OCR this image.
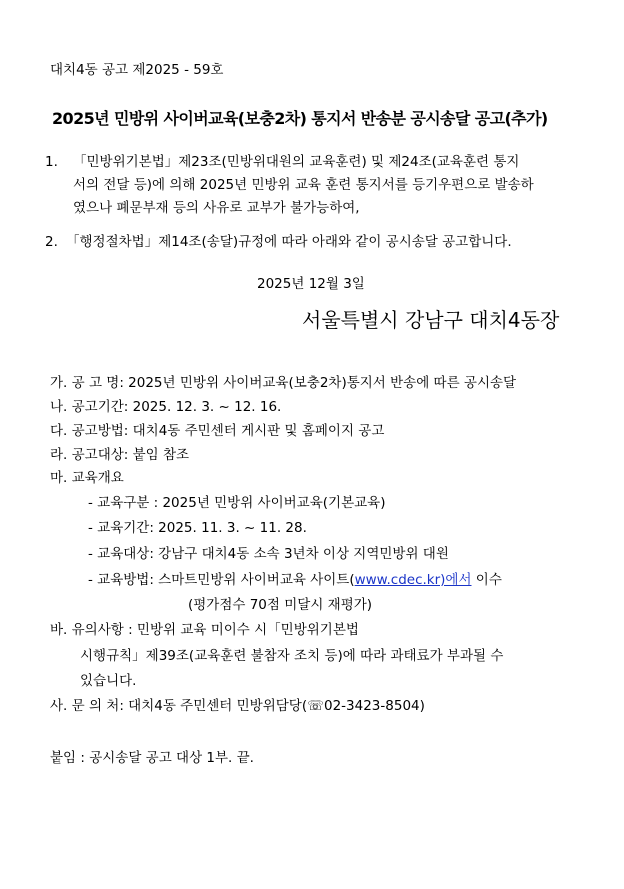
대치4동 공고 제2025 - 59호
2025년 민방위 사이버교육(보충2차) 통지서 반송분 공시송달 공고(추가)
1. 「민방위기본법」제23조(민방위대원의 교육훈련) 및 제24조(교육훈련 통지
서의 전달 등)에 의해 2025년 민방위 교육 훈련 통지서를 등기우편으로 발송하
였으나 폐문부재 등의 사유로 교부가 불가능하여,
2. 「행정절차법」제14조(송달)규정에 따라 아래와 같이 공시송달 공고합니다.
2025년 12월 3일
서울특별시 강남구 대치4동장
가. 공 고 명: 2025년 민방위 사이버교육(보충2차)통지서 반송에 따른 공시송달
나. 공고기간: 2025. 12. 3. ~ 12. 16.
다. 공고방법: 대치4동 주민센터 게시판 및 홈페이지 공고
라. 공고대상: 붙임 참조
마. 교육개요
- 교육구분 : 2025년 민방위 사이버교육(기본교육)
- 교육기간: 2025. 11. 3. ~ 11. 28.
- 교육대상: 강남구 대치4동 소속 3년차 이상 지역민방위 대원
- 교육방법: 스마트민방위 사이버교육 사이트(www.cdec.kr)에서 이수
(평가점수 70점 미달시 재평가)
바. 유의사항 : 민방위 교육 미이수 시「민방위기본법
시행규칙」제39조(교육훈련 불참자 조치 등)에 따라 과태료가 부과될 수
있습니다.
사. 문 의 처: 대치4동 주민센터 민방위담당(☏02-3423-8504)
붙임 : 공시송달 공고 대상 1부. 끝.
